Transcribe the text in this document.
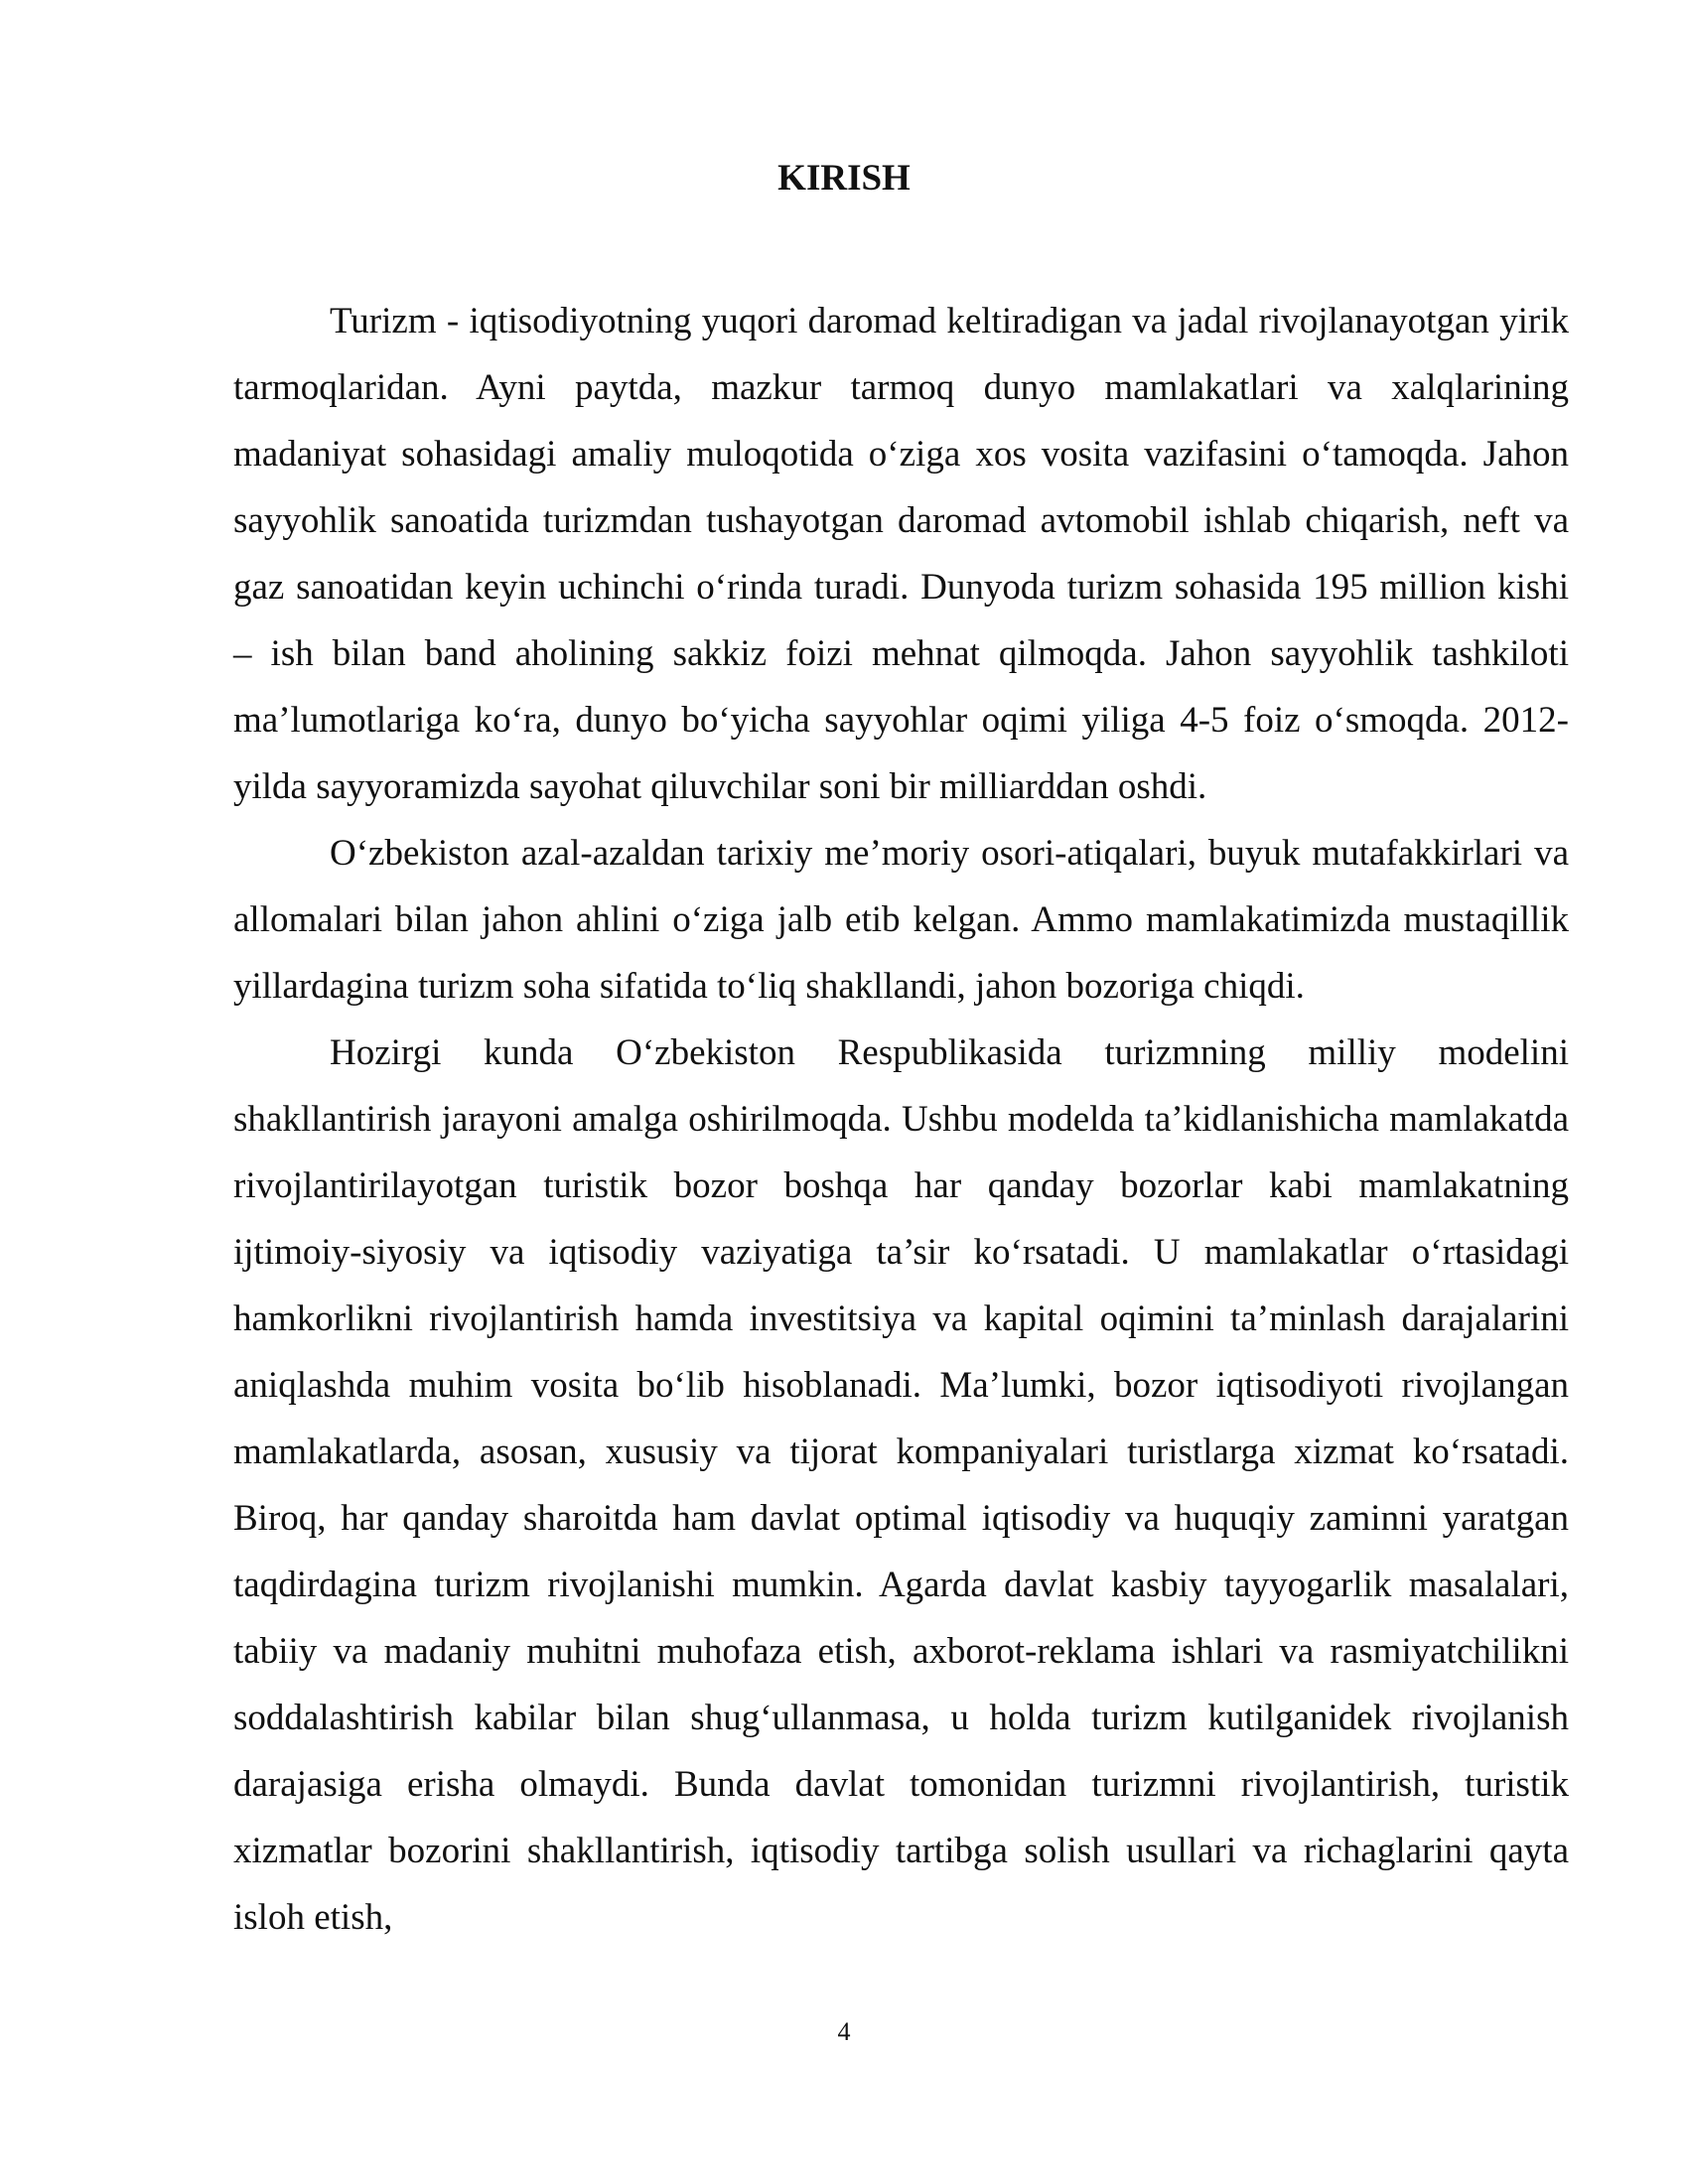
KIRISH

Turizm - iqtisodiyotning yuqori daromad keltiradigan va jadal rivojlanayotgan yirik tarmoqlaridan. Ayni paytda, mazkur tarmoq dunyo mamlakatlari va xalqlarining madaniyat sohasidagi amaliy muloqotida o‘ziga xos vosita vazifasini o‘tamoqda. Jahon sayyohlik sanoatida turizmdan tushayotgan daromad avtomobil ishlab chiqarish, neft va gaz sanoatidan keyin uchinchi o‘rinda turadi. Dunyoda turizm sohasida 195 million kishi – ish bilan band aholining sakkiz foizi mehnat qilmoqda. Jahon sayyohlik tashkiloti ma’lumotlariga ko‘ra, dunyo bo‘yicha sayyohlar oqimi yiliga 4-5 foiz o‘smoqda. 2012-yilda sayyoramizda sayohat qiluvchilar soni bir milliarddan oshdi.

O‘zbekiston azal-azaldan tarixiy me’moriy osori-atiqalari, buyuk mutafakkirlari va allomalari bilan jahon ahlini o‘ziga jalb etib kelgan. Ammo mamlakatimizda mustaqillik yillardagina turizm soha sifatida to‘liq shakllandi, jahon bozoriga chiqdi.

Hozirgi kunda O‘zbekiston Respublikasida turizmning milliy modelini shakllantirish jarayoni amalga oshirilmoqda. Ushbu modelda ta’kidlanishicha mamlakatda rivojlantirilayotgan turistik bozor boshqa har qanday bozorlar kabi mamlakatning ijtimoiy-siyosiy va iqtisodiy vaziyatiga ta’sir ko‘rsatadi. U mamlakatlar o‘rtasidagi hamkorlikni rivojlantirish hamda investitsiya va kapital oqimini ta’minlash darajalarini aniqlashda muhim vosita bo‘lib hisoblanadi. Ma’lumki, bozor iqtisodiyoti rivojlangan mamlakatlarda, asosan, xususiy va tijorat kompaniyalari turistlarga xizmat ko‘rsatadi. Biroq, har qanday sharoitda ham davlat optimal iqtisodiy va huquqiy zaminni yaratgan taqdirdagina turizm rivojlanishi mumkin. Agarda davlat kasbiy tayyogarlik masalalari, tabiiy va madaniy muhitni muhofaza etish, axborot-reklama ishlari va rasmiyatchilikni soddalashtirish kabilar bilan shug‘ullanmasa, u holda turizm kutilganidek rivojlanish darajasiga erisha olmaydi. Bunda davlat tomonidan turizmni rivojlantirish, turistik xizmatlar bozorini shakllantirish, iqtisodiy tartibga solish usullari va richaglarini qayta isloh etish,

4
